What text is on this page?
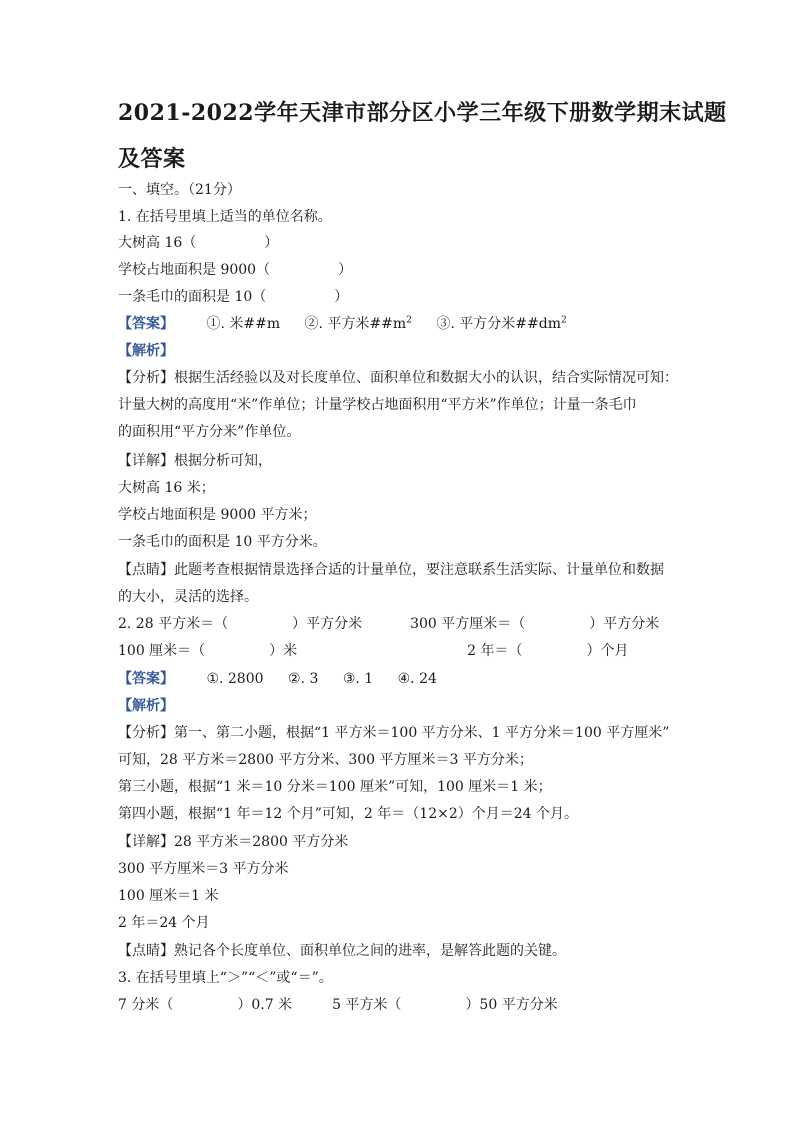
2021-2022学年天津市部分区小学三年级下册数学期末试题
及答案
一、填空。（21分）
1. 在括号里填上适当的单位名称。
大树高 16（	）
学校占地面积是 9000（	）
一条毛巾的面积是 10（	）
【答案】 ①. 米##m ②. 平方米$\#\#m^2$ ③. 平方分米$\#\#dm^2$
【解析】
【分析】根据生活经验以及对长度单位、面积单位和数据大小的认识，结合实际情况可知：
计量大树的高度用“米”作单位；计量学校占地面积用“平方米”作单位；计量一条毛巾
的面积用“平方分米”作单位。
【详解】根据分析可知，
大树高 16 米；
学校占地面积是 9000 平方米；
一条毛巾的面积是 10 平方分米。
【点睛】此题考查根据情景选择合适的计量单位，要注意联系生活实际、计量单位和数据
的大小，灵活的选择。
2. 28 平方米＝（	）平方分米	300 平方厘米＝（	）平方分米
100 厘米＝（	）米	2 年＝（	）个月
【答案】 ①. 2800 ②. 3 ③. 1 ④. 24
【解析】
【分析】第一、第二小题，根据“1 平方米＝100 平方分米、1 平方分米＝100 平方厘米”
可知，28 平方米＝2800 平方分米、300 平方厘米＝3 平方分米；
第三小题，根据“1 米＝10 分米＝100 厘米”可知，100 厘米＝1 米；
第四小题，根据“1 年＝12 个月”可知，2 年＝（12×2）个月＝24 个月。
【详解】28 平方米＝2800 平方分米
300 平方厘米＝3 平方分米
100 厘米＝1 米
2 年＝24 个月
【点睛】熟记各个长度单位、面积单位之间的进率，是解答此题的关键。
3. 在括号里填上“＞”“＜”或“＝”。
7 分米（	）0.7 米	5 平方米（	）50 平方分米
